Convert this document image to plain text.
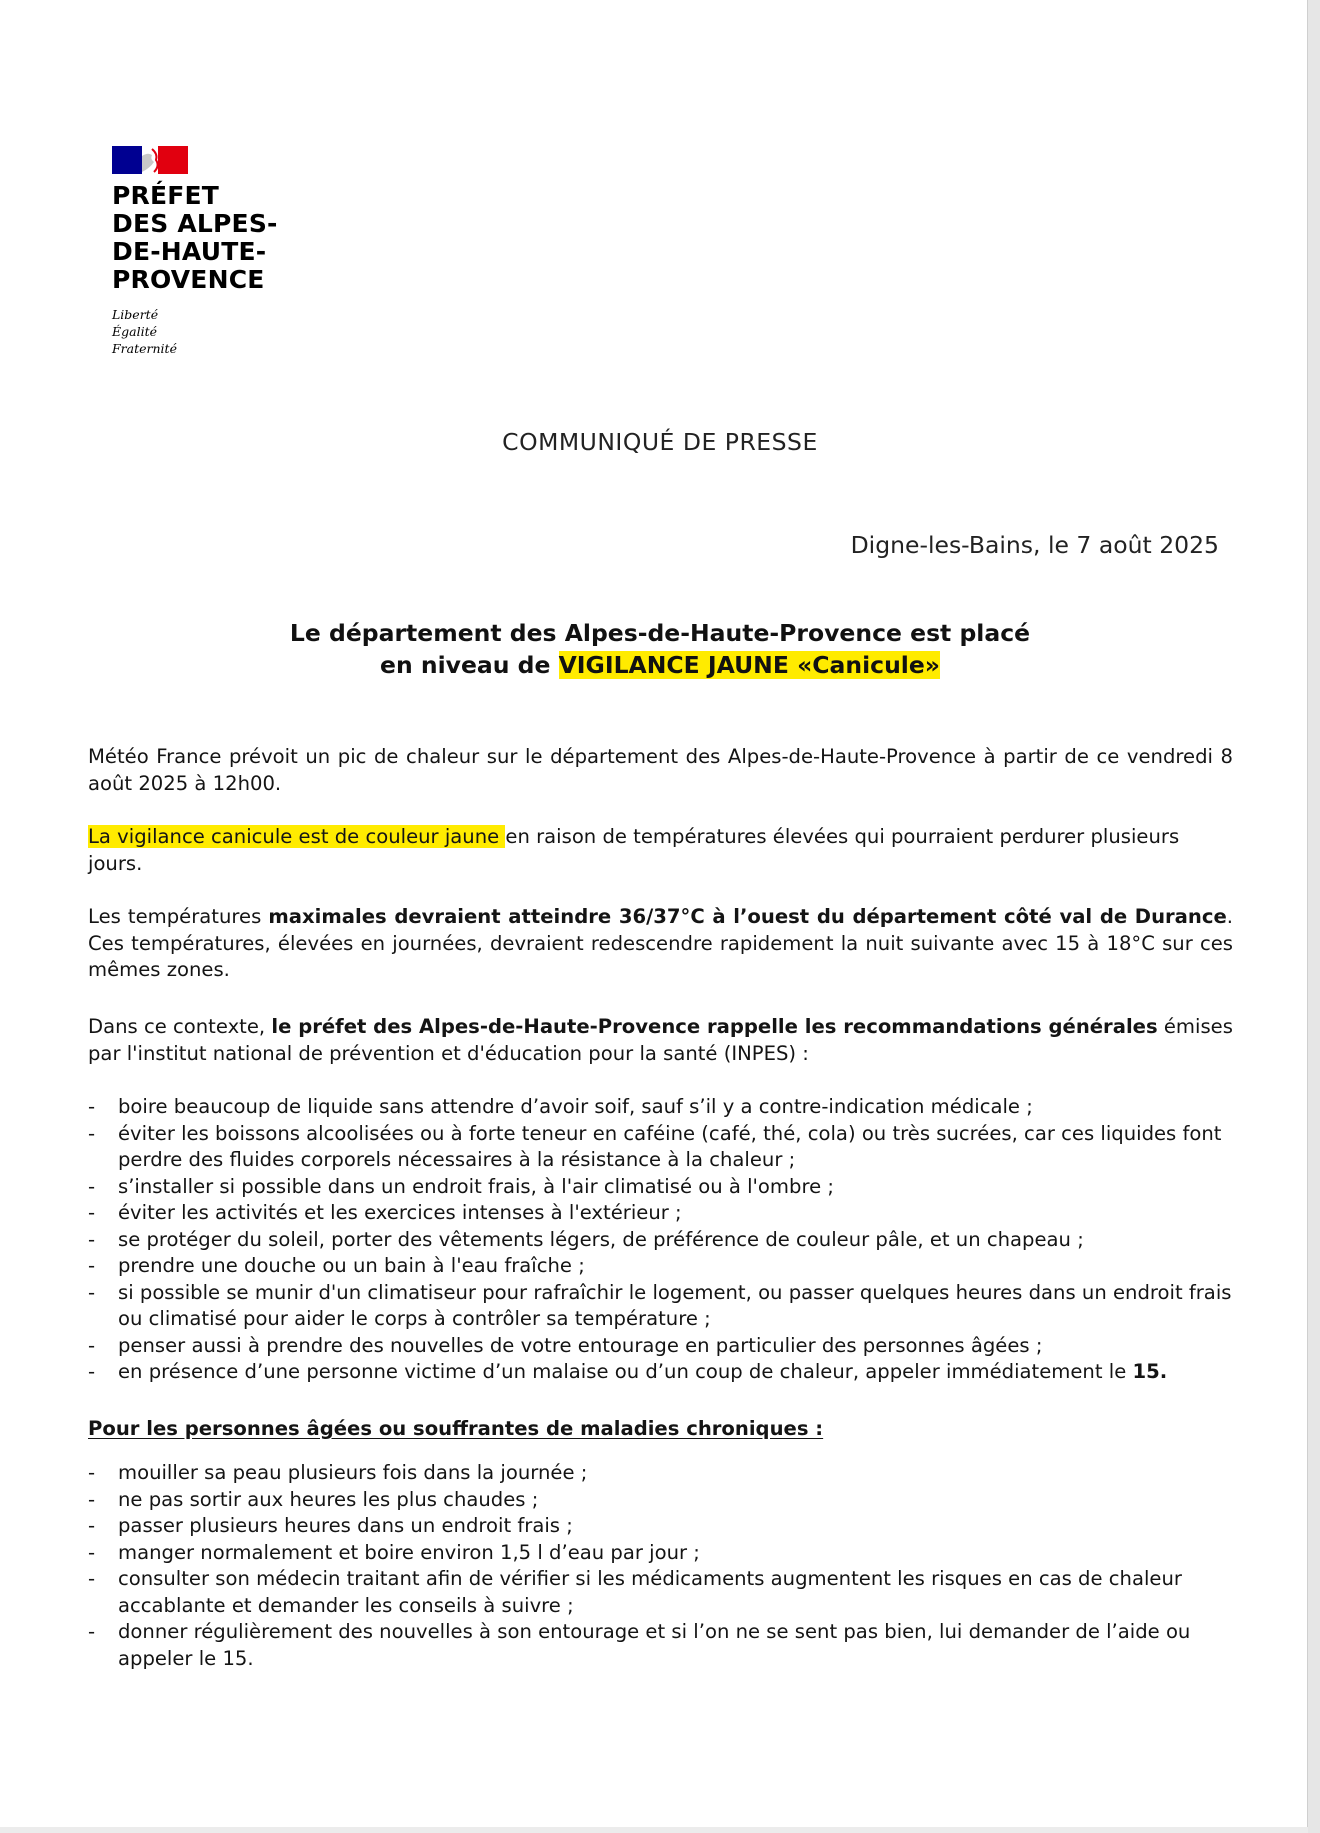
PRÉFET
DES ALPES-
DE-HAUTE-
PROVENCE
Liberté
Égalité
Fraternité
COMMUNIQUÉ DE PRESSE
Digne-les-Bains, le 7 août 2025
Le département des Alpes-de-Haute-Provence est placé
en niveau de VIGILANCE JAUNE «Canicule»

Météo France prévoit un pic de chaleur sur le département des Alpes-de-Haute-Provence à partir de ce vendredi 8 août 2025 à 12h00.

La vigilance canicule est de couleur jaune en raison de températures élevées qui pourraient perdurer plusieurs jours.

Les températures maximales devraient atteindre 36/37°C à l’ouest du département côté val de Durance. Ces températures, élevées en journées, devraient redescendre rapidement la nuit suivante avec 15 à 18°C sur ces mêmes zones.

Dans ce contexte, le préfet des Alpes-de-Haute-Provence rappelle les recommandations générales émises par l'institut national de prévention et d'éducation pour la santé (INPES) :

- boire beaucoup de liquide sans attendre d’avoir soif, sauf s’il y a contre-indication médicale ;
- éviter les boissons alcoolisées ou à forte teneur en caféine (café, thé, cola) ou très sucrées, car ces liquides font perdre des fluides corporels nécessaires à la résistance à la chaleur ;
- s’installer si possible dans un endroit frais, à l'air climatisé ou à l'ombre ;
- éviter les activités et les exercices intenses à l'extérieur ;
- se protéger du soleil, porter des vêtements légers, de préférence de couleur pâle, et un chapeau ;
- prendre une douche ou un bain à l'eau fraîche ;
- si possible se munir d'un climatiseur pour rafraîchir le logement, ou passer quelques heures dans un endroit frais ou climatisé pour aider le corps à contrôler sa température ;
- penser aussi à prendre des nouvelles de votre entourage en particulier des personnes âgées ;
- en présence d’une personne victime d’un malaise ou d’un coup de chaleur, appeler immédiatement le 15.

Pour les personnes âgées ou souffrantes de maladies chroniques :

- mouiller sa peau plusieurs fois dans la journée ;
- ne pas sortir aux heures les plus chaudes ;
- passer plusieurs heures dans un endroit frais ;
- manger normalement et boire environ 1,5 l d’eau par jour ;
- consulter son médecin traitant afin de vérifier si les médicaments augmentent les risques en cas de chaleur accablante et demander les conseils à suivre ;
- donner régulièrement des nouvelles à son entourage et si l’on ne se sent pas bien, lui demander de l’aide ou appeler le 15.
